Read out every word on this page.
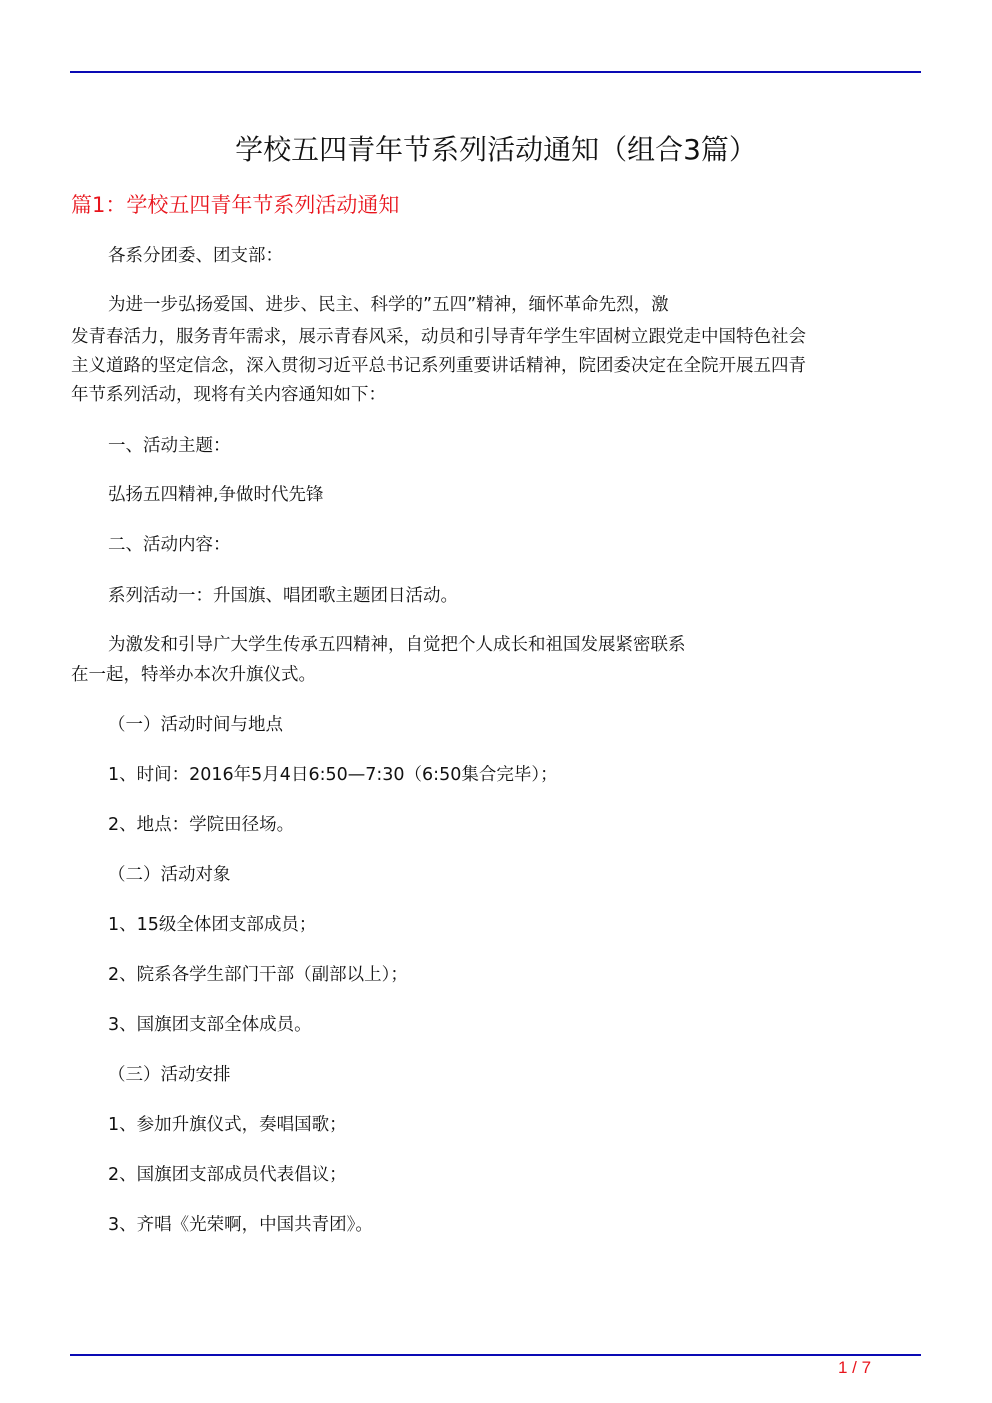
学校五四青年节系列活动通知（组合3篇）
篇1：学校五四青年节系列活动通知
各系分团委、团支部：
为进一步弘扬爱国、进步、民主、科学的”五四”精神，缅怀革命先烈，激
发青春活力，服务青年需求，展示青春风采，动员和引导青年学生牢固树立跟党走中国特色社会
主义道路的坚定信念，深入贯彻习近平总书记系列重要讲话精神，院团委决定在全院开展五四青
年节系列活动，现将有关内容通知如下：
一、活动主题：
弘扬五四精神,争做时代先锋
二、活动内容：
系列活动一：升国旗、唱团歌主题团日活动。
为激发和引导广大学生传承五四精神，自觉把个人成长和祖国发展紧密联系
在一起，特举办本次升旗仪式。
（一）活动时间与地点
1、时间：2016年5月4日6:50—7:30（6:50集合完毕）；
2、地点：学院田径场。
（二）活动对象
1、15级全体团支部成员；
2、院系各学生部门干部（副部以上）；
3、国旗团支部全体成员。
（三）活动安排
1、参加升旗仪式，奏唱国歌；
2、国旗团支部成员代表倡议；
3、齐唱《光荣啊，中国共青团》。
1 / 7
